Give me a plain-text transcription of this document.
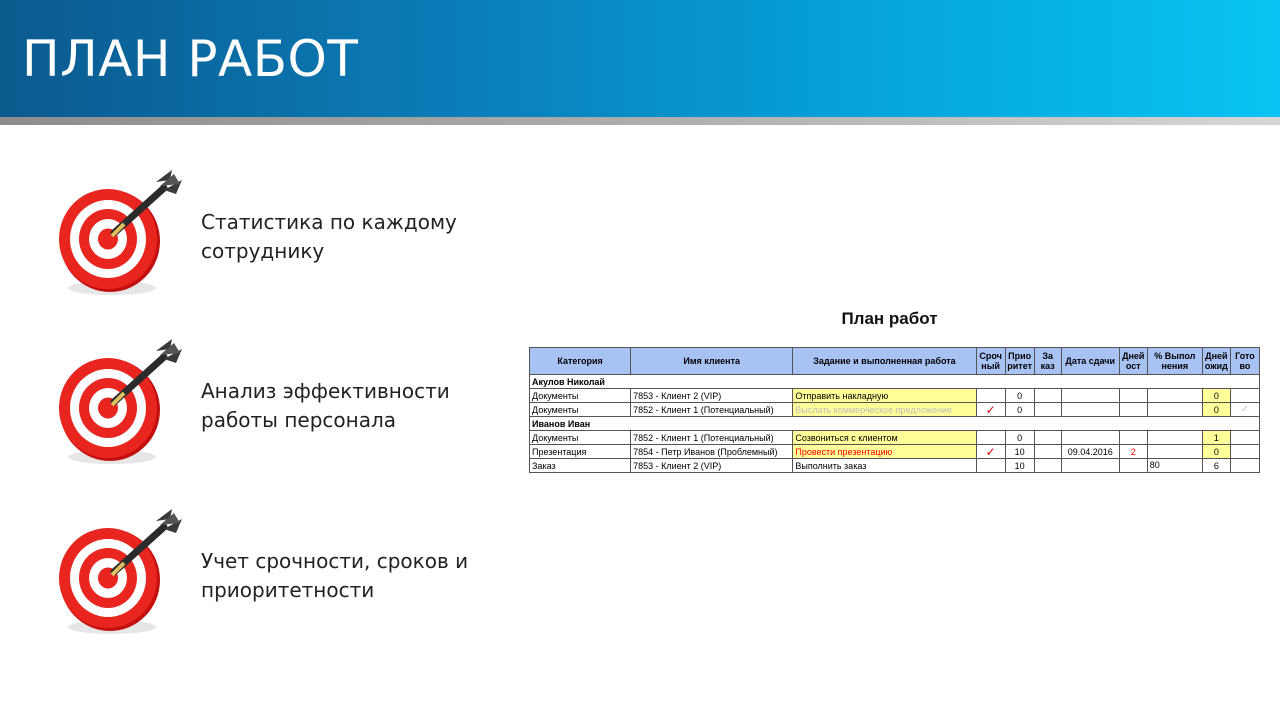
ПЛАН РАБОТ
Статистика по каждому
сотруднику
Анализ эффективности
работы персонала
Учет срочности, сроков и
приоритетности
План работ
Категория	Имя клиента	Задание и выполненная работа	Сроч ный	Прио ритет	За каз	Дата сдачи	Дней ост	% Выпол нения	Дней ожид	Гото во
Акулов Николай										
Документы	7853 - Клиент 2 (VIP)	Отправить накладную		0					0	
Документы	7852 - Клиент 1 (Потенциальный)	Выслать коммерческое предложение	✓	0					0	✓
Иванов Иван										
Документы	7852 - Клиент 1 (Потенциальный)	Созвониться с клиентом		0					1	
Презентация	7854 - Петр Иванов (Проблемный)	Провести презентацию	✓	10		09.04.2016	2		0	
Заказ	7853 - Клиент 2 (VIP)	Выполнить заказ		10				80	6	
